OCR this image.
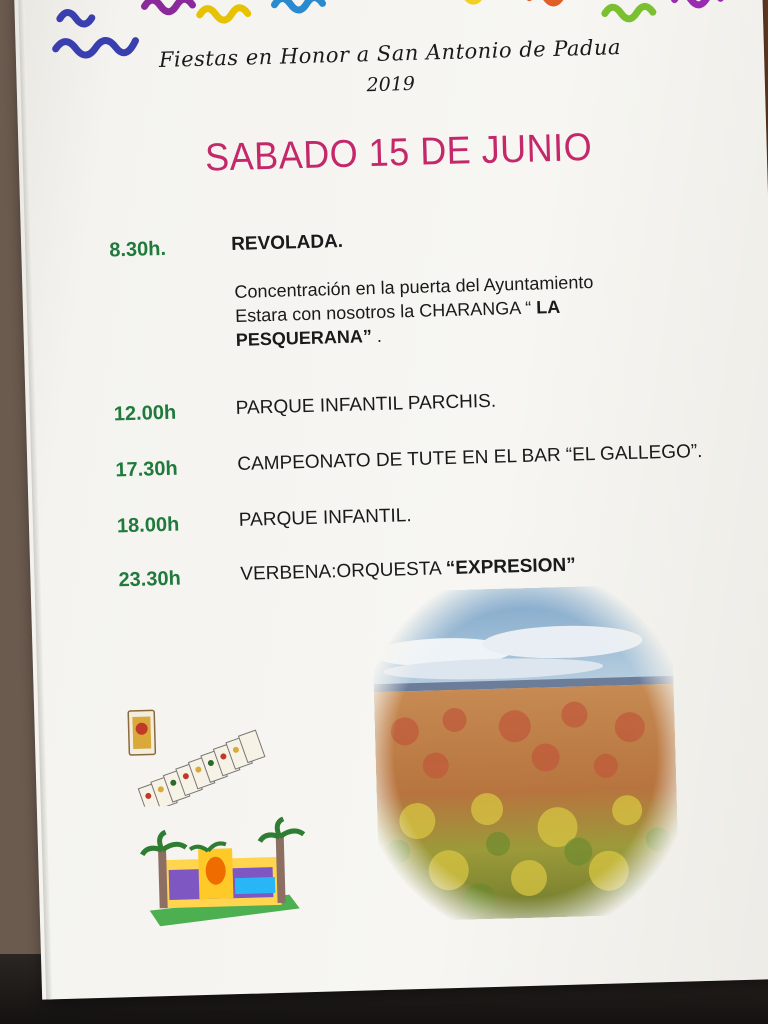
Fiestas en Honor a San Antonio de Padua
2019
SABADO 15 DE JUNIO
8.30h.	REVOLADA.
Concentración en la puerta del Ayuntamiento
Estara con nosotros la CHARANGA “ LA
PESQUERANA” .
12.00h	PARQUE INFANTIL PARCHIS.
17.30h	CAMPEONATO DE TUTE EN EL BAR “EL GALLEGO”.
18.00h	PARQUE INFANTIL.
23.30h	VERBENA:ORQUESTA “EXPRESION”
